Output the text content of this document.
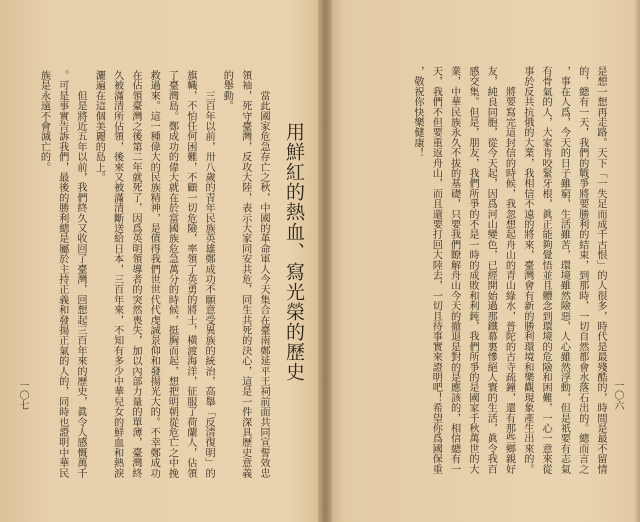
用鮮紅的熱血、寫光榮的歷史
　　當此國家危急存亡之秋，中國的革命軍人今天集合在臺南鄭延平王祠前面共同宣誓效忠
領袖，死守臺灣，反攻大陸，表示大家同安共危，同生共死的決心，這是一件深具歷史意義
的舉動。
　　三百年以前，卅八歲的青年民族英雄鄭成功不願意受異族的統治，高舉「反清復明」的
旗幟，不怕任何困難，不顧一切危險，率領了英勇的將士，橫渡海洋，征服了荷蘭人，佔領
了臺灣島。鄭成功的偉大就在於當國族危急萬分的時候，挺胸而起，想把明朝從危亡之中挽
救過來。這一種偉大的民族精神，是值得我們世世代代虔誠景仰和發揚光大的。不幸鄭成功
在佔領臺灣之後第二年就死了，因爲英明領導者的突然喪失，加以內部力量的單薄，臺灣終
久被滿清所佔領，後來又被滿清斷送給日本，三百年來，不知有多少中華兒女的鮮血和熱淚
灑遍在這個美麗的島上。
　　但是將近五年以前，我們終久又收回了臺灣，回想起三百年來的歷史，眞令人感慨萬千
。可是事實告訴我們，最後的勝利總是屬於主持正義和發揚正氣的人的，同時也證明中華民
族是永遠不會滅亡的。
一〇七	是想一想再走路。天下「一失足而成千古恨」的人很多，時代是最殘酷的，時間是最不留情
的，總有一天，我們的戰爭將要勝利的結束，到那時，一切自然都會水落石出的。總而言之
，事在人爲，今天的日子雖窮，生活雖苦，環境雖然險惡，人心雖然浮動，但是祇要有志氣
有骨氣的人，大家肯咬緊牙根，眞正能夠覺悟並且體念到環境的危險和困難，一心一意來從
事於反共抗俄的大業，我相信不遠的將來，臺灣會有新的勝利環境和樂觀現象產生出來的。
　　將要寫完這封信的時候，我忽想起舟山的青山綠水，普陀的古寺疏鐘，還有那些鄉親好
友，純良同胞，從今天起，因爲河山變色，已經開始過那鐵幕裏慘絕人寰的生活，眞令我百
感交集。但是，朋友，我們所爭的不是一時的成敗和利鈍，我們所爭的是國家千秋萬世的大
業，中華民族永久不拔的基礎，只要我們瞭解舟山今天的撤退是對的是應該的，相信總有一
天，我們不但要重返舟山，而且還要打回大陸去，一切且待事實來證明吧！希望你爲國保重
，敬祝你快樂健康！
一〇六
